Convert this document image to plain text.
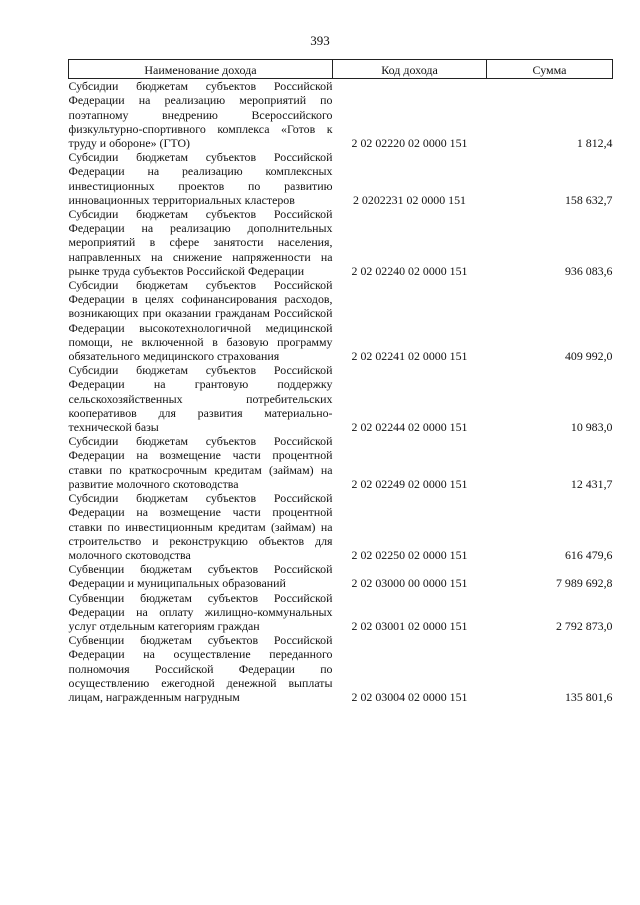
393
Наименование дохода	Код дохода	Сумма
Субсидии бюджетам субъектов Российской Федерации на реализацию мероприятий по поэтапному внедрению Всероссийского физкультурно-спортивного комплекса «Готов к труду и обороне» (ГТО)	2 02 02220 02 0000 151	1 812,4
Субсидии бюджетам субъектов Российской Федерации на реализацию комплексных инвестиционных проектов по развитию инновационных территориальных кластеров	2 0202231 02 0000 151	158 632,7
Субсидии бюджетам субъектов Российской Федерации на реализацию дополнительных мероприятий в сфере занятости населения, направленных на снижение напряженности на рынке труда субъектов Российской Федерации	2 02 02240 02 0000 151	936 083,6
Субсидии бюджетам субъектов Российской Федерации в целях софинансирования расходов, возникающих при оказании гражданам Российской Федерации высокотехнологичной медицинской помощи, не включенной в базовую программу обязательного медицинского страхования	2 02 02241 02 0000 151	409 992,0
Субсидии бюджетам субъектов Российской Федерации на грантовую поддержку сельскохозяйственных потребительских кооперативов для развития материально-технической базы	2 02 02244 02 0000 151	10 983,0
Субсидии бюджетам субъектов Российской Федерации на возмещение части процентной ставки по краткосрочным кредитам (займам) на развитие молочного скотоводства	2 02 02249 02 0000 151	12 431,7
Субсидии бюджетам субъектов Российской Федерации на возмещение части процентной ставки по инвестиционным кредитам (займам) на строительство и реконструкцию объектов для молочного скотоводства	2 02 02250 02 0000 151	616 479,6
Субвенции бюджетам субъектов Российской Федерации и муниципальных образований	2 02 03000 00 0000 151	7 989 692,8
Субвенции бюджетам субъектов Российской Федерации на оплату жилищно-коммунальных услуг отдельным категориям граждан	2 02 03001 02 0000 151	2 792 873,0
Субвенции бюджетам субъектов Российской Федерации на осуществление переданного полномочия Российской Федерации по осуществлению ежегодной денежной выплаты лицам, награжденным нагрудным	2 02 03004 02 0000 151	135 801,6
